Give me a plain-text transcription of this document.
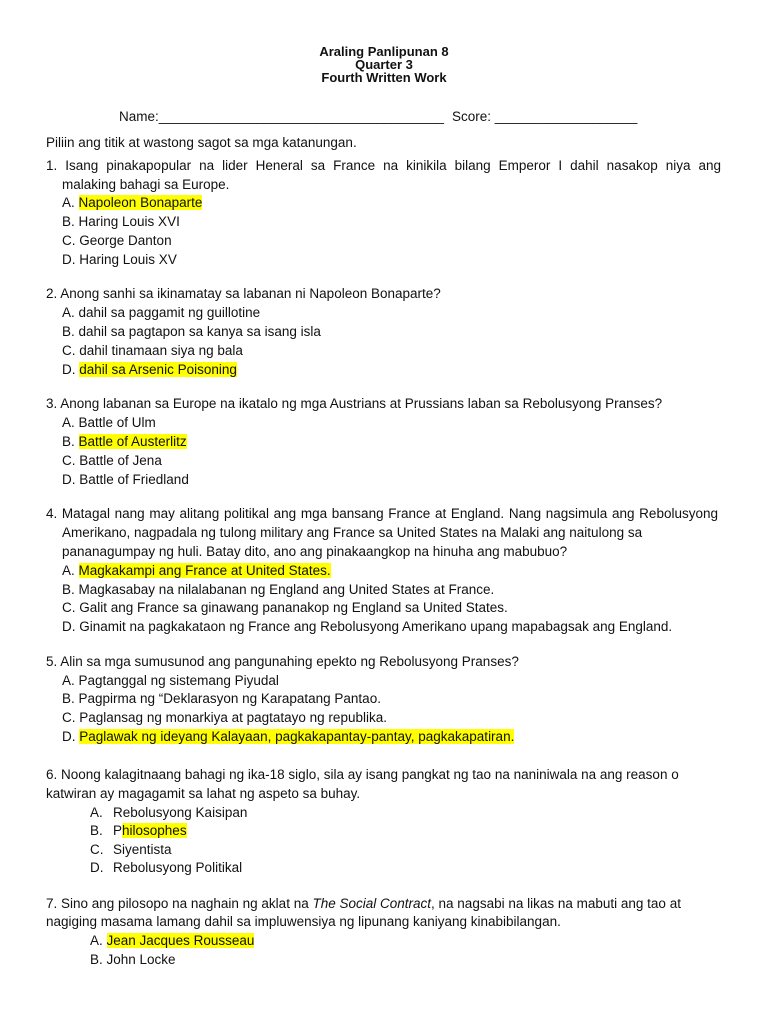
Araling Panlipunan 8
Quarter 3
Fourth Written Work
Name:______________________________________ Score: ___________________
Piliin ang titik at wastong sagot sa mga katanungan.
1. Isang pinakapopular na lider Heneral sa France na kinikila bilang Emperor I dahil nasakop niya ang
malaking bahagi sa Europe.
A. Napoleon Bonaparte
B. Haring Louis XVI
C. George Danton
D. Haring Louis XV
2. Anong sanhi sa ikinamatay sa labanan ni Napoleon Bonaparte?
A. dahil sa paggamit ng guillotine
B. dahil sa pagtapon sa kanya sa isang isla
C. dahil tinamaan siya ng bala
D. dahil sa Arsenic Poisoning
3. Anong labanan sa Europe na ikatalo ng mga Austrians at Prussians laban sa Rebolusyong Pranses?
A. Battle of Ulm
B. Battle of Austerlitz
C. Battle of Jena
D. Battle of Friedland
4. Matagal nang may alitang politikal ang mga bansang France at England. Nang nagsimula ang Rebolusyong
Amerikano, nagpadala ng tulong military ang France sa United States na Malaki ang naitulong sa
pananagumpay ng huli. Batay dito, ano ang pinakaangkop na hinuha ang mabubuo?
A. Magkakampi ang France at United States.
B. Magkasabay na nilalabanan ng England ang United States at France.
C. Galit ang France sa ginawang pananakop ng England sa United States.
D. Ginamit na pagkakataon ng France ang Rebolusyong Amerikano upang mapabagsak ang England.
5. Alin sa mga sumusunod ang pangunahing epekto ng Rebolusyong Pranses?
A. Pagtanggal ng sistemang Piyudal
B. Pagpirma ng “Deklarasyon ng Karapatang Pantao.
C. Paglansag ng monarkiya at pagtatayo ng republika.
D. Paglawak ng ideyang Kalayaan, pagkakapantay-pantay, pagkakapatiran.
6. Noong kalagitnaang bahagi ng ika-18 siglo, sila ay isang pangkat ng tao na naniniwala na ang reason o
katwiran ay magagamit sa lahat ng aspeto sa buhay.
A. Rebolusyong Kaisipan
B. Philosophes
C. Siyentista
D. Rebolusyong Politikal
7. Sino ang pilosopo na naghain ng aklat na The Social Contract, na nagsabi na likas na mabuti ang tao at
nagiging masama lamang dahil sa impluwensiya ng lipunang kaniyang kinabibilangan.
A. Jean Jacques Rousseau
B. John Locke
